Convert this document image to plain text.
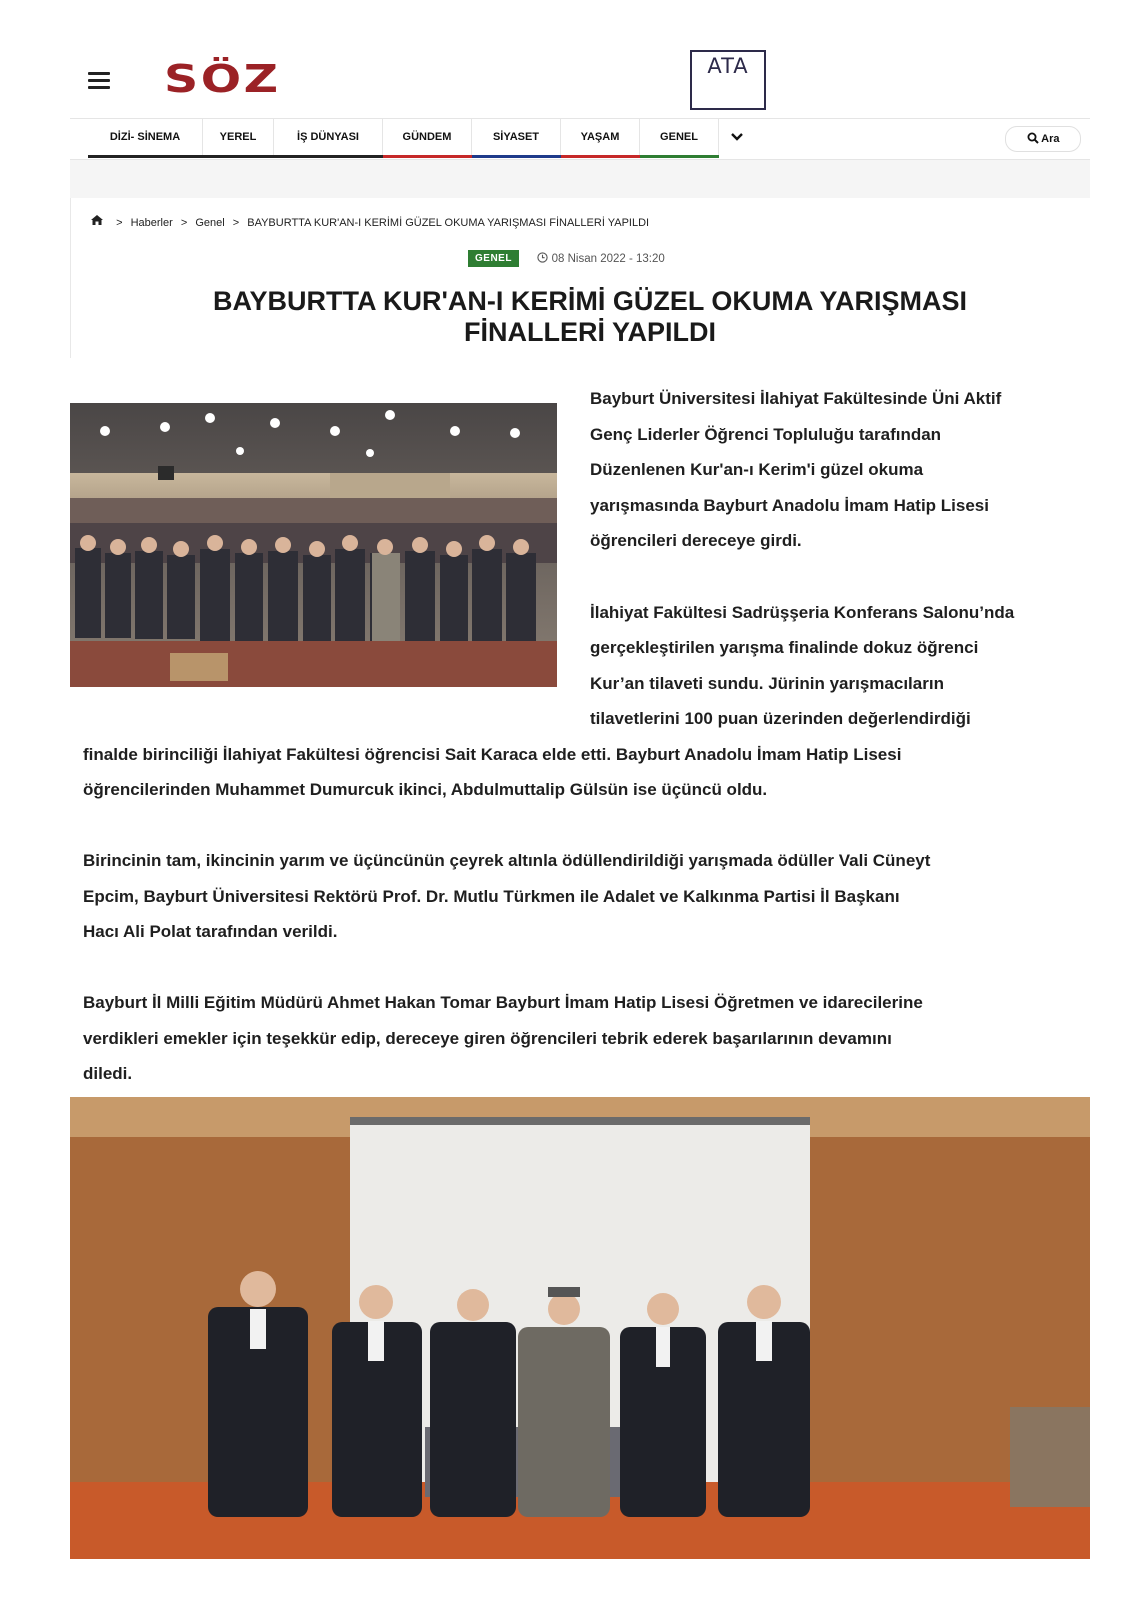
SÖZ	ATA
DİZİ- SİNEMA	YEREL	İŞ DÜNYASI	GÜNDEM	SİYASET	YAŞAM	GENEL	Ara
> Haberler > Genel > BAYBURTTA KUR'AN-I KERİMİ GÜZEL OKUMA YARIŞMASI FİNALLERİ YAPILDI
GENEL	08 Nisan 2022 - 13:20
BAYBURTTA KUR'AN-I KERİMİ GÜZEL OKUMA YARIŞMASI
FİNALLERİ YAPILDI

Bayburt Üniversitesi İlahiyat Fakültesinde Üni Aktif

Genç Liderler Öğrenci Topluluğu tarafından

Düzenlenen Kur'an-ı Kerim'i güzel okuma

yarışmasında Bayburt Anadolu İmam Hatip Lisesi

öğrencileri dereceye girdi.

İlahiyat Fakültesi Sadrüşşeria Konferans Salonu’nda

gerçekleştirilen yarışma finalinde dokuz öğrenci

Kur’an tilaveti sundu. Jürinin yarışmacıların

tilavetlerini 100 puan üzerinden değerlendirdiği

finalde birinciliği İlahiyat Fakültesi öğrencisi Sait Karaca elde etti. Bayburt Anadolu İmam Hatip Lisesi

öğrencilerinden Muhammet Dumurcuk ikinci, Abdulmuttalip Gülsün ise üçüncü oldu.

Birincinin tam, ikincinin yarım ve üçüncünün çeyrek altınla ödüllendirildiği yarışmada ödüller Vali Cüneyt

Epcim, Bayburt Üniversitesi Rektörü Prof. Dr. Mutlu Türkmen ile Adalet ve Kalkınma Partisi İl Başkanı

Hacı Ali Polat tarafından verildi.

Bayburt İl Milli Eğitim Müdürü Ahmet Hakan Tomar Bayburt İmam Hatip Lisesi Öğretmen ve idarecilerine

verdikleri emekler için teşekkür edip, dereceye giren öğrencileri tebrik ederek başarılarının devamını

diledi.
